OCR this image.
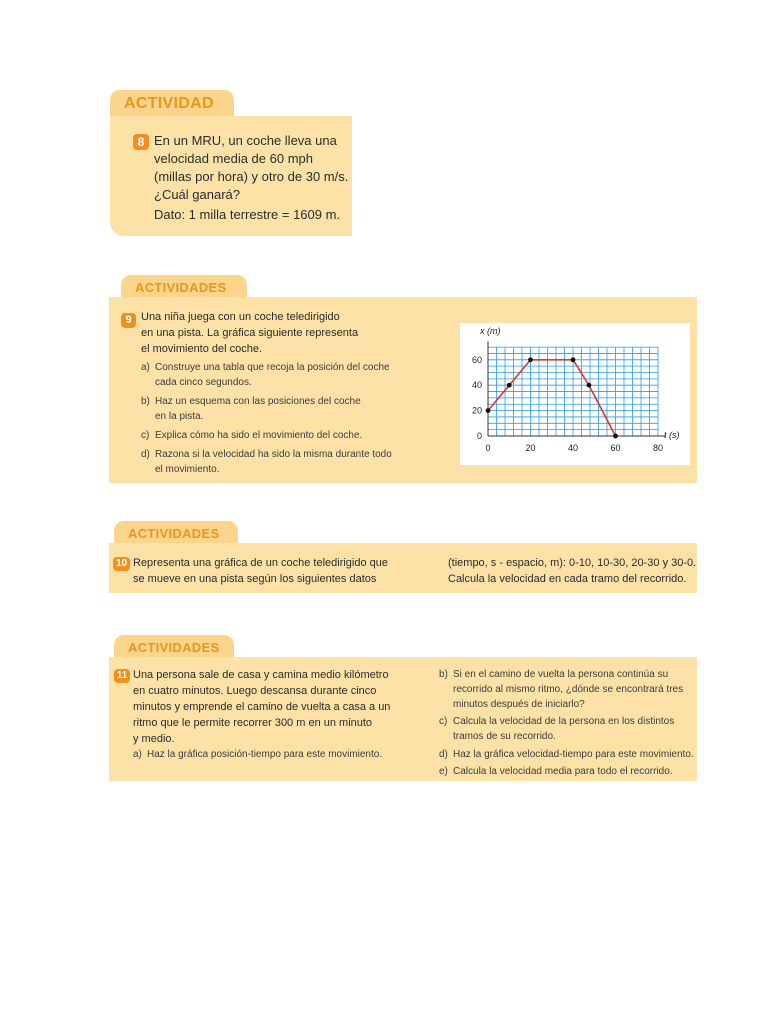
ACTIVIDAD
8 En un MRU, un coche lleva una
velocidad media de 60 mph
(millas por hora) y otro de 30 m/s.
¿Cuál ganará?
Dato: 1 milla terrestre = 1609 m.
ACTIVIDADES
9 Una niña juega con un coche teledirigido
en una pista. La gráfica siguiente representa
el movimiento del coche.
a) Construye una tabla que recoja la posición del coche
cada cinco segundos.
b) Haz un esquema con las posiciones del coche
en la pista.
c) Explica cómo ha sido el movimiento del coche.
d) Razona si la velocidad ha sido la misma durante todo
el movimiento.
x (m)
t (s)
0	20	40	60	80
0
20
40
60
ACTIVIDADES
10 Representa una gráfica de un coche teledirigido que
se mueve en una pista según los siguientes datos
(tiempo, s - espacio, m): 0-10, 10-30, 20-30 y 30-0.
Calcula la velocidad en cada tramo del recorrido.
ACTIVIDADES
11 Una persona sale de casa y camina medio kilómetro
en cuatro minutos. Luego descansa durante cinco
minutos y emprende el camino de vuelta a casa a un
ritmo que le permite recorrer 300 m en un minuto
y medio.
a) Haz la gráfica posición-tiempo para este movimiento.
b) Si en el camino de vuelta la persona continúa su
recorrido al mismo ritmo, ¿dónde se encontrará tres
minutos después de iniciarlo?
c) Calcula la velocidad de la persona en los distintos
tramos de su recorrido.
d) Haz la gráfica velocidad-tiempo para este movimiento.
e) Calcula la velocidad media para todo el recorrido.
